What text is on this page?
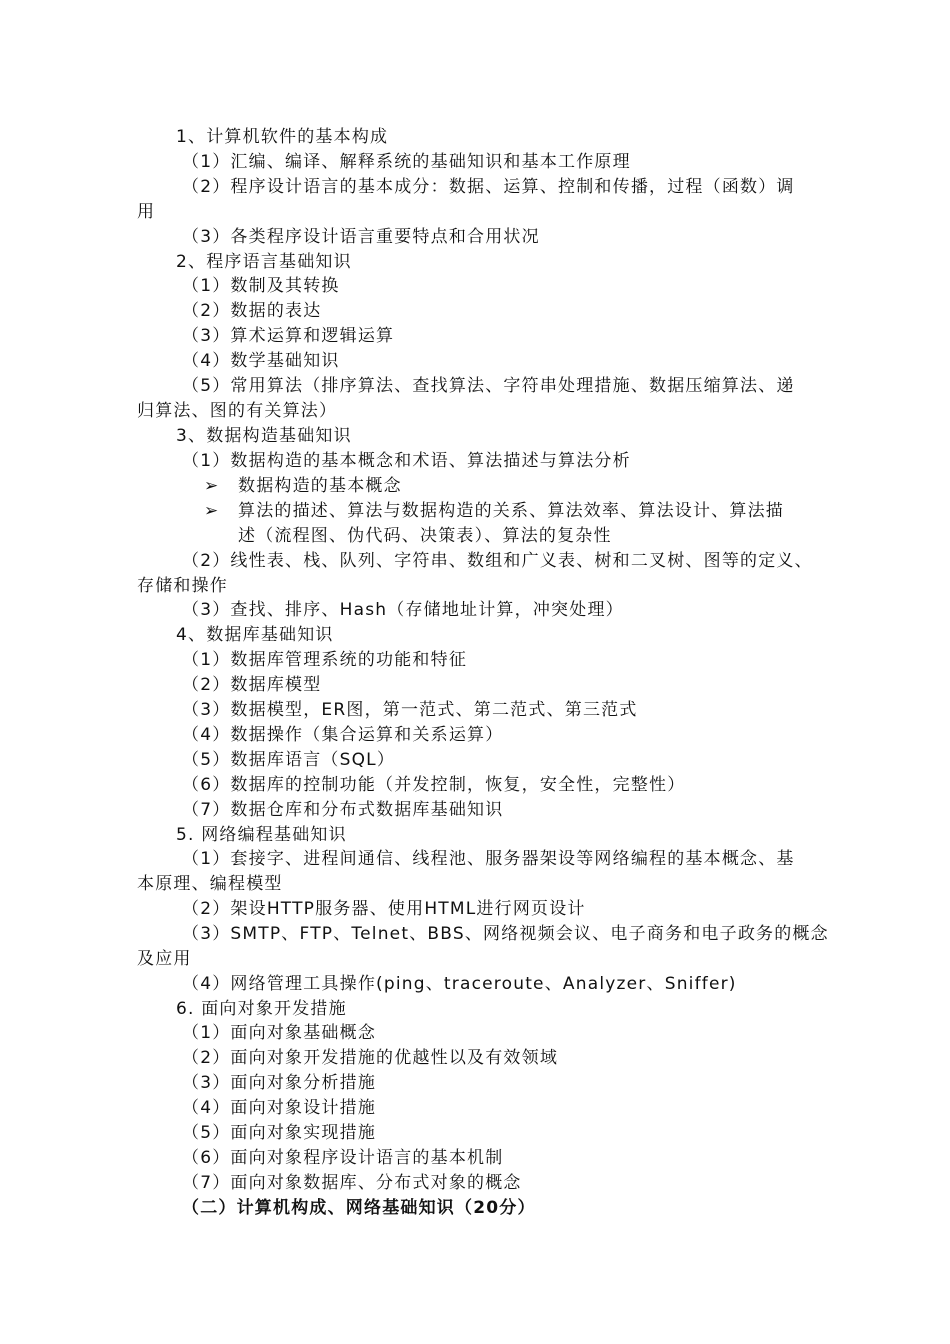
1、计算机软件的基本构成
（1）汇编、编译、解释系统的基础知识和基本工作原理
（2）程序设计语言的基本成分：数据、运算、控制和传播，过程（函数）调
用
（3）各类程序设计语言重要特点和合用状况
2、程序语言基础知识
（1）数制及其转换
（2）数据的表达
（3）算术运算和逻辑运算
（4）数学基础知识
（5）常用算法（排序算法、查找算法、字符串处理措施、数据压缩算法、递
归算法、图的有关算法）
3、数据构造基础知识
（1）数据构造的基本概念和术语、算法描述与算法分析
➢ 数据构造的基本概念
➢ 算法的描述、算法与数据构造的关系、算法效率、算法设计、算法描
述（流程图、伪代码、决策表）、算法的复杂性
（2）线性表、栈、队列、字符串、数组和广义表、树和二叉树、图等的定义、
存储和操作
（3）查找、排序、Hash（存储地址计算，冲突处理）
4、数据库基础知识
（1）数据库管理系统的功能和特征
（2）数据库模型
（3）数据模型，ER图，第一范式、第二范式、第三范式
（4）数据操作（集合运算和关系运算）
（5）数据库语言（SQL）
（6）数据库的控制功能（并发控制，恢复，安全性，完整性）
（7）数据仓库和分布式数据库基础知识
5. 网络编程基础知识
（1）套接字、进程间通信、线程池、服务器架设等网络编程的基本概念、基
本原理、编程模型
（2）架设HTTP服务器、使用HTML进行网页设计
（3）SMTP、FTP、Telnet、BBS、网络视频会议、电子商务和电子政务的概念
及应用
（4）网络管理工具操作(ping、traceroute、Analyzer、Sniffer)
6. 面向对象开发措施
（1）面向对象基础概念
（2）面向对象开发措施的优越性以及有效领域
（3）面向对象分析措施
（4）面向对象设计措施
（5）面向对象实现措施
（6）面向对象程序设计语言的基本机制
（7）面向对象数据库、分布式对象的概念
（二）计算机构成、网络基础知识（20分）
